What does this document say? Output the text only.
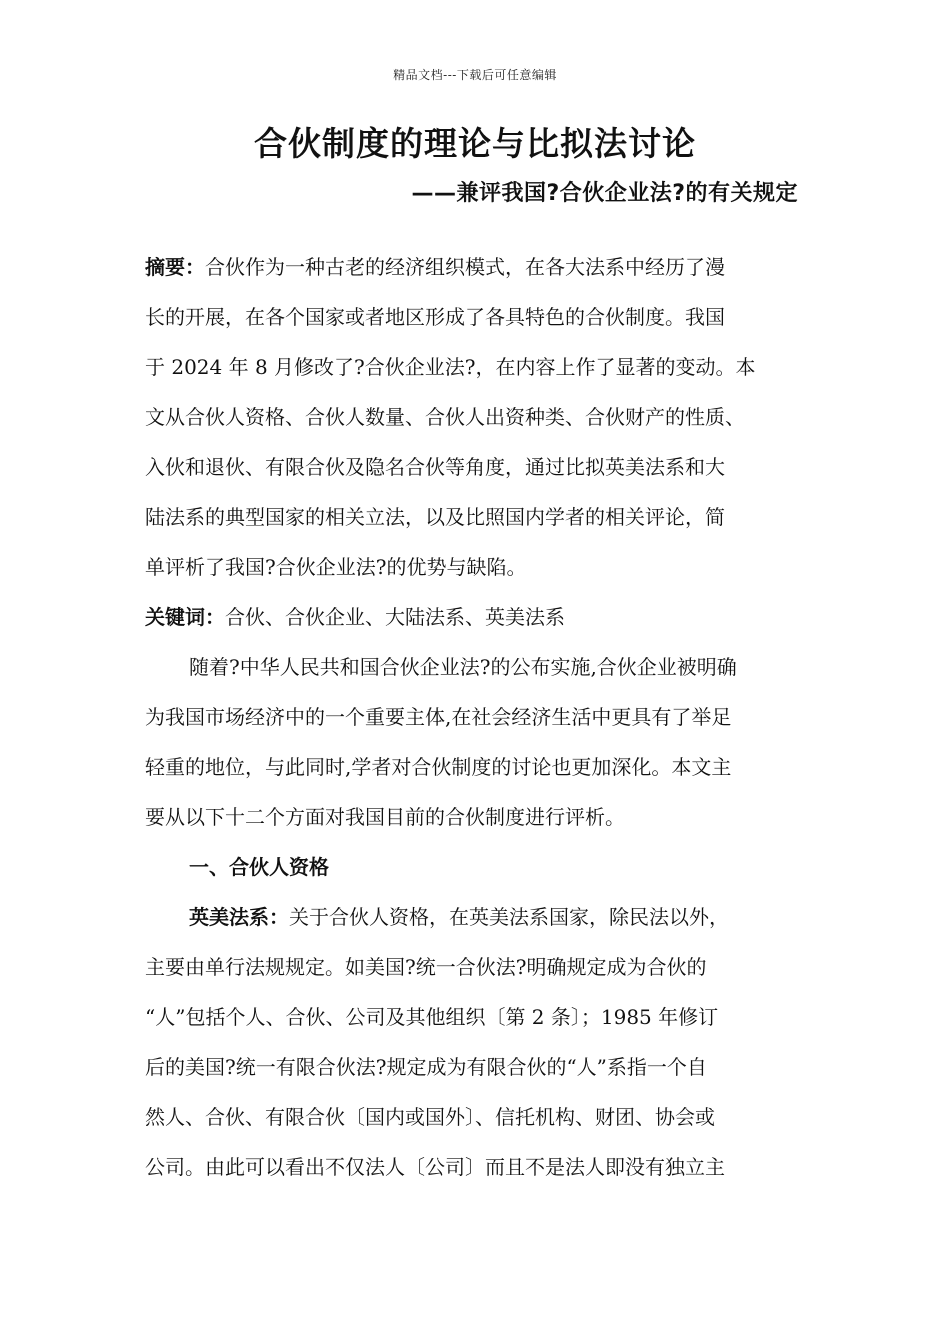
精品文档---下载后可任意编辑
合伙制度的理论与比拟法讨论
——兼评我国?合伙企业法?的有关规定
摘要：合伙作为一种古老的经济组织模式，在各大法系中经历了漫
长的开展，在各个国家或者地区形成了各具特色的合伙制度。我国
于 2024 年 8 月修改了?合伙企业法?，在内容上作了显著的变动。本
文从合伙人资格、合伙人数量、合伙人出资种类、合伙财产的性质、
入伙和退伙、有限合伙及隐名合伙等角度，通过比拟英美法系和大
陆法系的典型国家的相关立法，以及比照国内学者的相关评论，简
单评析了我国?合伙企业法?的优势与缺陷。
关键词：合伙、合伙企业、大陆法系、英美法系
随着?中华人民共和国合伙企业法?的公布实施,合伙企业被明确
为我国市场经济中的一个重要主体,在社会经济生活中更具有了举足
轻重的地位，与此同时,学者对合伙制度的讨论也更加深化。本文主
要从以下十二个方面对我国目前的合伙制度进行评析。
一、合伙人资格
英美法系：关于合伙人资格，在英美法系国家，除民法以外，
主要由单行法规规定。如美国?统一合伙法?明确规定成为合伙的
“人”包括个人、合伙、公司及其他组织〔第 2 条〕；1985 年修订
后的美国?统一有限合伙法?规定成为有限合伙的“人”系指一个自
然人、合伙、有限合伙〔国内或国外〕、信托机构、财团、协会或
公司。由此可以看出不仅法人〔公司〕而且不是法人即没有独立主
